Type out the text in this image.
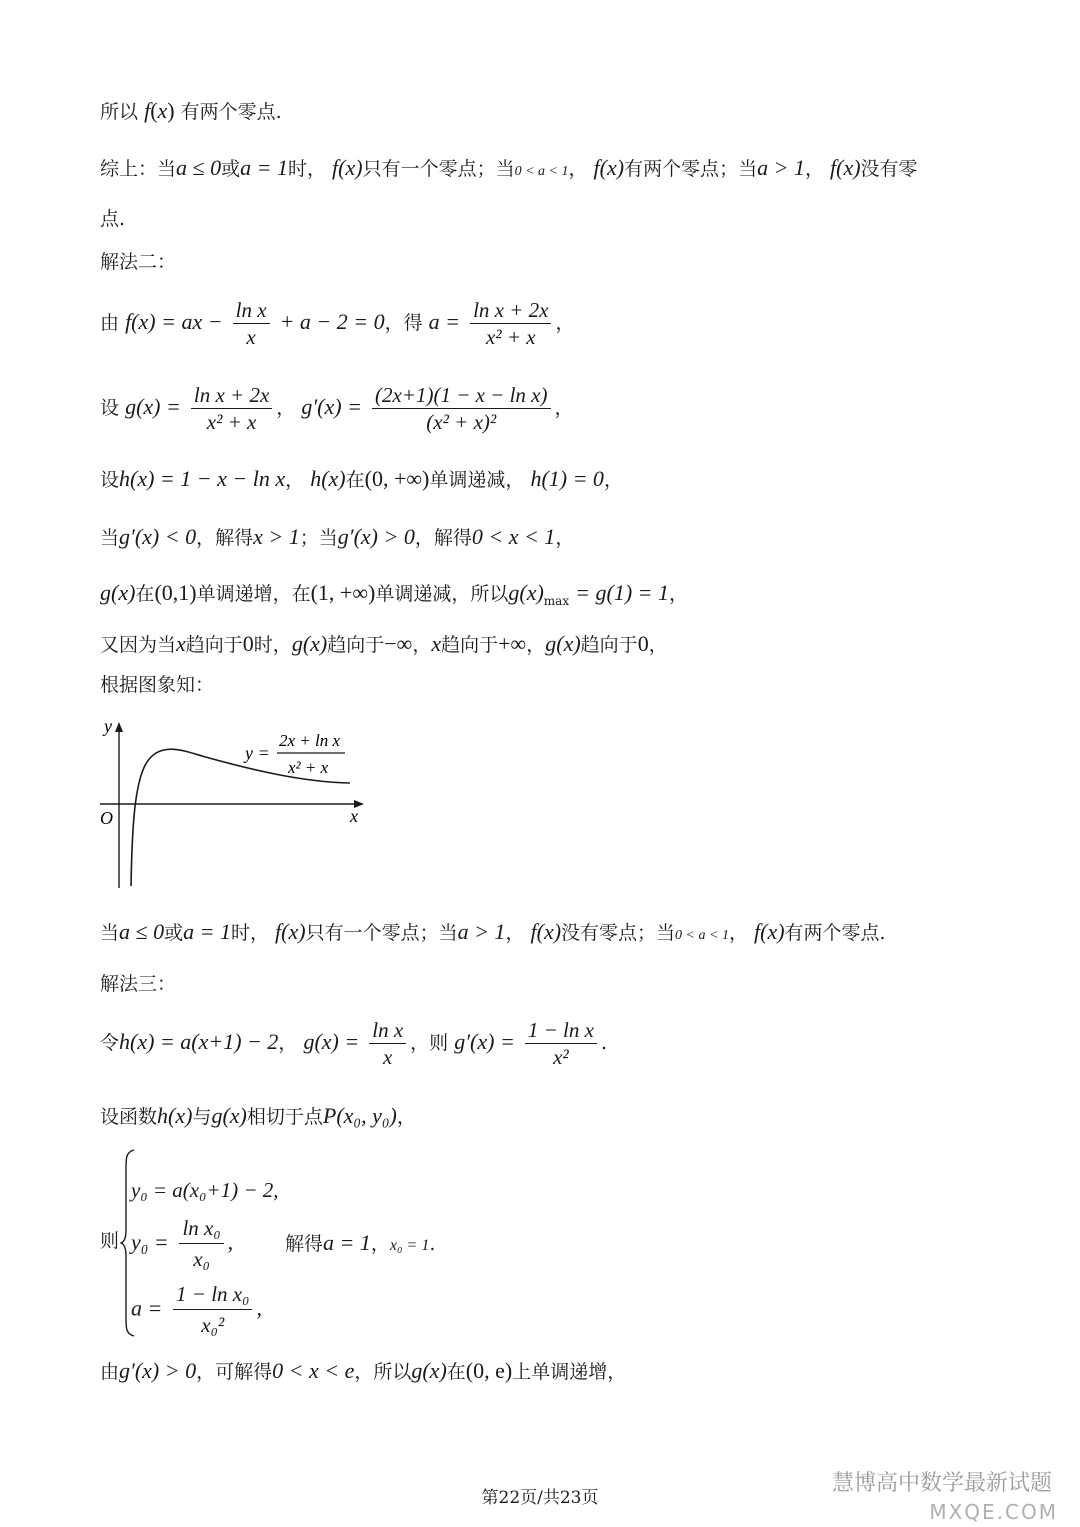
所以 f(x) 有两个零点.
综上：当a ≤ 0或a = 1时， f(x)只有一个零点；当0 < a < 1， f(x)有两个零点；当a > 1， f(x)没有零
点.
解法二：
由 f(x) = ax − $\frac{\text{ln x}}{x} + a - 2 = 0$，得 $a = \frac{\text{ln x + 2x}}{\text{x² + x}}$ ，
设 $g(x) = \frac{\text{ln x + 2x}}{\text{x² + x}}$ ， $g'(x) = \frac{\text{(2x+1)(1 − x − ln x)}}{\text{(x² + x)²}}$ ，
设h(x) = 1 − x − ln x， h(x)在(0, +∞)单调递减， h(1) = 0，
当g′(x) < 0，解得x > 1；当g′(x) > 0，解得0 < x < 1，
g(x)在(0,1)单调递增，在(1, +∞)单调递减，所以$g(x)_{max} = g(1) = 1$，
又因为当x趋向于0时，g(x)趋向于−∞，x趋向于+∞，g(x)趋向于0，
根据图象知：
y
x
O
y =
2x + ln x
x² + x
当a ≤ 0或a = 1时， f(x)只有一个零点；当a > 1， f(x)没有零点；当0 < a < 1， f(x)有两个零点.
解法三：
令h(x) = a(x+1) − 2， $g(x) = \frac{\text{ln x}}{x}$ ，则 $g'(x) = \frac{\text{1 − ln x}}{\text{x²}}$ .
设函数h(x)与g(x)相切于点P(x₀, y₀)，
则
y₀ = a(x₀+1) − 2,
$y_0 = \frac{\text{ln x₀}}{\text{x₀}}$ ,	解得a = 1，x₀ = 1.
$a = \frac{\text{1 − ln x₀}}{\text{x₀²}}$ ,
由g′(x) > 0，可解得0 < x < e，所以g(x)在(0, e)上单调递增，
第22页/共23页
慧博高中数学最新试题
MXQE.COM
